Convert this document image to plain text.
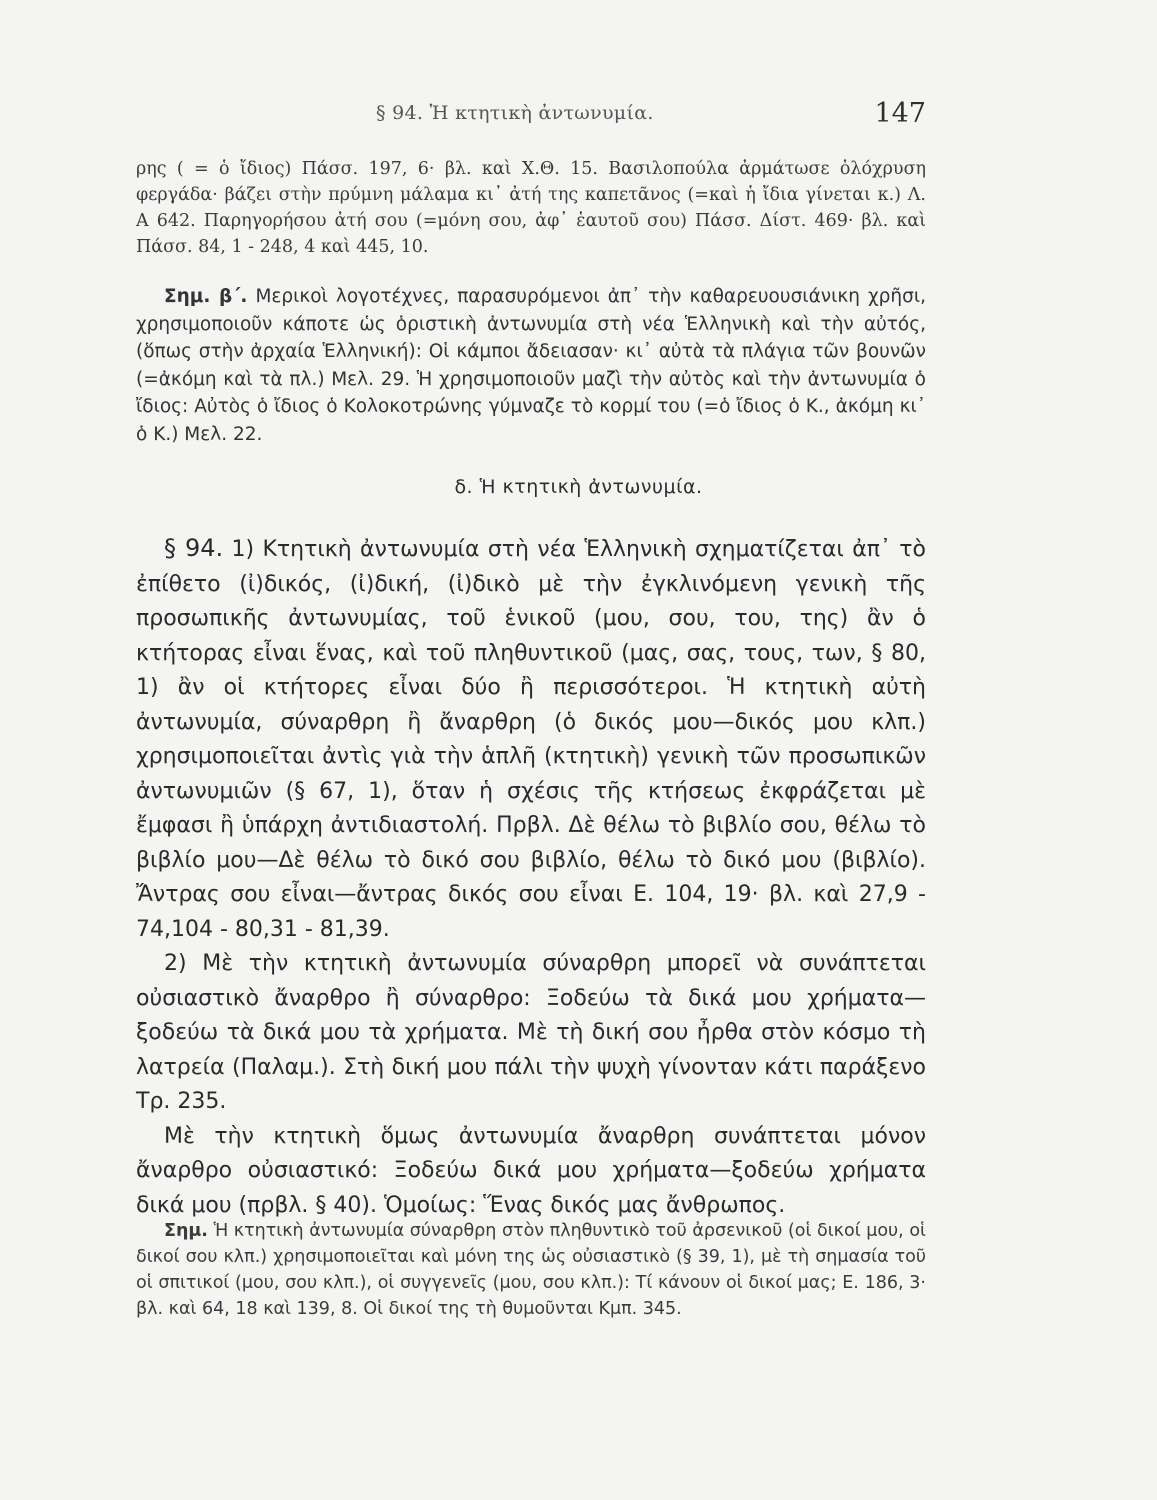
§ 94. Ἡ κτητικὴ ἀντωνυμία.	147

ρης ( = ὁ ἴδιος) Πάσσ. 197, 6· βλ. καὶ Χ.Θ. 15. Βασιλοπούλα ἀρμάτωσε ὁλόχρυση φεργάδα· βάζει στὴν πρύμνη μάλαμα κι᾿ ἀτή της καπετᾶνος (=καὶ ἡ ἴδια γίνεται κ.) Λ. Α 642. Παρηγορήσου ἀτή σου (=μόνη σου, ἀφ᾿ ἑαυτοῦ σου) Πάσσ. Δίστ. 469· βλ. καὶ Πάσσ. 84, 1 - 248, 4 καὶ 445, 10.

Σημ. β΄. Μερικοὶ λογοτέχνες, παρασυρόμενοι ἀπ᾿ τὴν καθαρευουσιάνικη χρῆσι, χρησιμοποιοῦν κάποτε ὡς ὁριστικὴ ἀντωνυμία στὴ νέα Ἑλληνικὴ καὶ τὴν αὐτός, (ὅπως στὴν ἀρχαία Ἑλληνική): Οἱ κάμποι ἄδειασαν· κι᾿ αὐτὰ τὰ πλάγια τῶν βουνῶν (=ἀκόμη καὶ τὰ πλ.) Μελ. 29. Ἡ χρησιμοποιοῦν μαζὶ τὴν αὐτὸς καὶ τὴν ἀντωνυμία ὁ ἴδιος: Αὐτὸς ὁ ἴδιος ὁ Κολοκοτρώνης γύμναζε τὸ κορμί του (=ὁ ἴδιος ὁ Κ., ἀκόμη κι᾿ ὁ Κ.) Μελ. 22.

δ. Ἡ κτητικὴ ἀντωνυμία.

§ 94. 1) Κτητικὴ ἀντωνυμία στὴ νέα Ἑλληνικὴ σχηματίζεται ἀπ᾿ τὸ ἐπίθετο (ἰ)δικός, (ἰ)δική, (ἰ)δικὸ μὲ τὴν ἐγκλινόμενη γενικὴ τῆς προσωπικῆς ἀντωνυμίας, τοῦ ἑνικοῦ (μου, σου, του, της) ἂν ὁ κτήτορας εἶναι ἕνας, καὶ τοῦ πληθυντικοῦ (μας, σας, τους, των, § 80, 1) ἂν οἱ κτήτορες εἶναι δύο ἢ περισσότεροι. Ἡ κτητικὴ αὐτὴ ἀντωνυμία, σύναρθρη ἢ ἄναρθρη (ὁ δικός μου—δικός μου κλπ.) χρησιμοποιεῖται ἀντὶς γιὰ τὴν ἁπλῆ (κτητικὴ) γενικὴ τῶν προσωπικῶν ἀντωνυμιῶν (§ 67, 1), ὅταν ἡ σχέσις τῆς κτήσεως ἐκφράζεται μὲ ἔμφασι ἢ ὑπάρχη ἀντιδιαστολή. Πρβλ. Δὲ θέλω τὸ βιβλίο σου, θέλω τὸ βιβλίο μου—Δὲ θέλω τὸ δικό σου βιβλίο, θέλω τὸ δικό μου (βιβλίο). Ἄντρας σου εἶναι—ἄντρας δικός σου εἶναι Ε. 104, 19· βλ. καὶ 27,9 - 74,104 - 80,31 - 81,39.

2) Μὲ τὴν κτητικὴ ἀντωνυμία σύναρθρη μπορεῖ νὰ συνάπτεται οὐσιαστικὸ ἄναρθρο ἢ σύναρθρο: Ξοδεύω τὰ δικά μου χρήματα—ξοδεύω τὰ δικά μου τὰ χρήματα. Μὲ τὴ δική σου ἦρθα στὸν κόσμο τὴ λατρεία (Παλαμ.). Στὴ δική μου πάλι τὴν ψυχὴ γίνονταν κάτι παράξενο Τρ. 235.

Μὲ τὴν κτητικὴ ὅμως ἀντωνυμία ἄναρθρη συνάπτεται μόνον ἄναρθρο οὐσιαστικό: Ξοδεύω δικά μου χρήματα—ξοδεύω χρήματα δικά μου (πρβλ. § 40). Ὁμοίως: Ἕνας δικός μας ἄνθρωπος.

Σημ. Ἡ κτητικὴ ἀντωνυμία σύναρθρη στὸν πληθυντικὸ τοῦ ἀρσενικοῦ (οἱ δικοί μου, οἱ δικοί σου κλπ.) χρησιμοποιεῖται καὶ μόνη της ὡς οὐσιαστικὸ (§ 39, 1), μὲ τὴ σημασία τοῦ οἱ σπιτικοί (μου, σου κλπ.), οἱ συγγενεῖς (μου, σου κλπ.): Τί κάνουν οἱ δικοί μας; Ε. 186, 3· βλ. καὶ 64, 18 καὶ 139, 8. Οἱ δικοί της τὴ θυμοῦνται Κμπ. 345.
